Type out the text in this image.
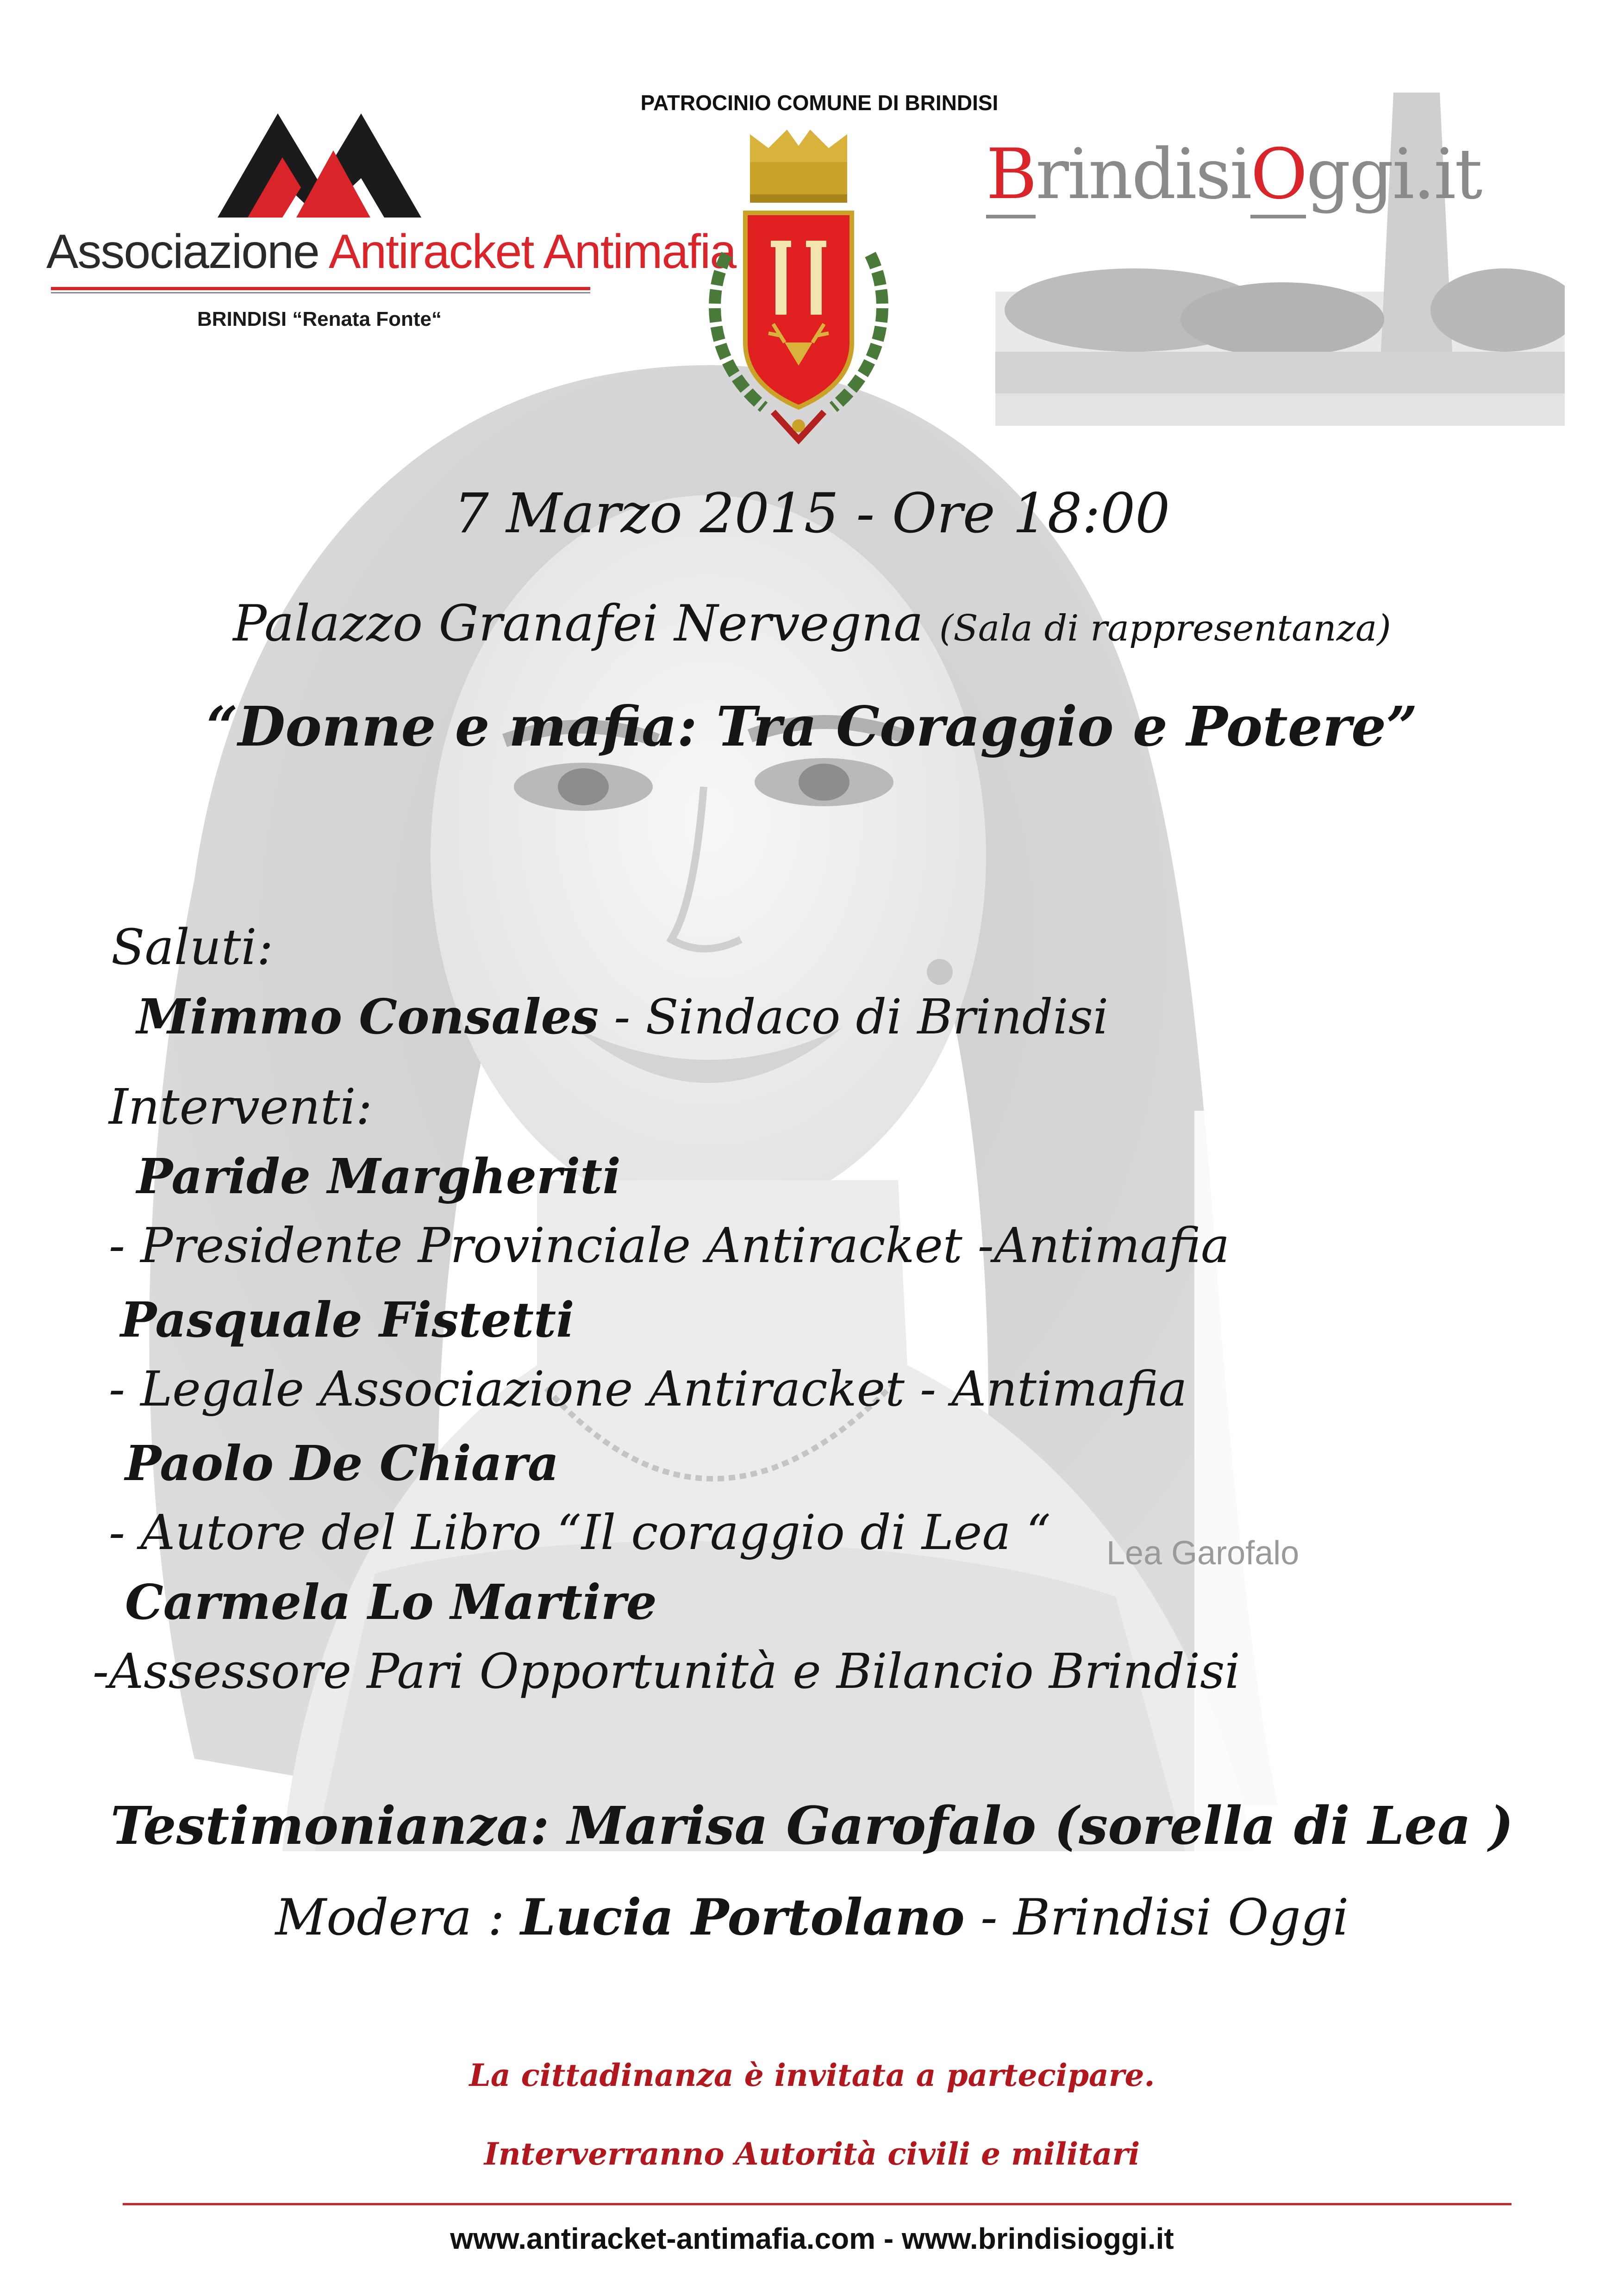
Associazione Antiracket Antimafia
BRINDISI “Renata Fonte“
PATROCINIO COMUNE DI BRINDISI
BrindisiOggi.it
7 Marzo 2015 - Ore 18:00
Palazzo Granafei Nervegna (Sala di rappresentanza)
“Donne e mafia: Tra Coraggio e Potere”
Saluti:
Mimmo Consales - Sindaco di Brindisi
Interventi:
Paride Margheriti
- Presidente Provinciale Antiracket -Antimafia
Pasquale Fistetti
- Legale Associazione Antiracket - Antimafia
Paolo De Chiara
- Autore del Libro “Il coraggio di Lea “
Carmela Lo Martire
-Assessore Pari Opportunità e Bilancio Brindisi
Lea Garofalo
Testimonianza: Marisa Garofalo (sorella di Lea )
Modera : Lucia Portolano - Brindisi Oggi
La cittadinanza è invitata a partecipare.
Interverranno Autorità civili e militari
www.antiracket-antimafia.com - www.brindisioggi.it
